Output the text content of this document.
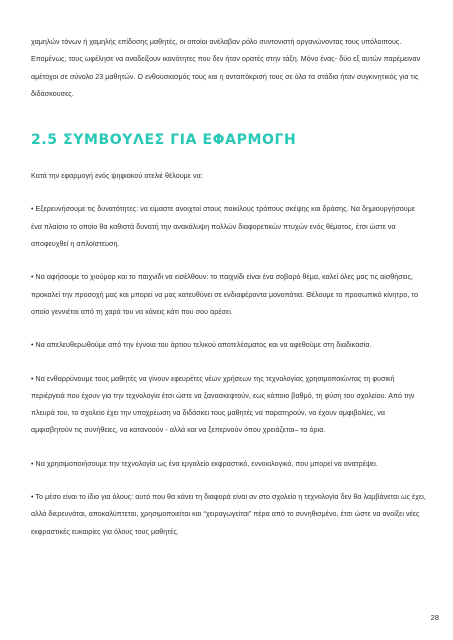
χαμηλών τόνων ή χαμηλής επίδοσης μαθητές, οι οποίοι ανέλαβαν ρόλο συντονιστή οργανώνοντας τους υπόλοιπους. Επομένως, τους ωφέλησε να αναδείξουν ικανότητες που δεν ήταν ορατές στην τάξη. Μόνο ένας- δύο εξ αυτών παρέμειναν αμέτοχοι σε σύνολο 23 μαθητών. Ο ενθουσιασμός τους και η ανταπόκρισή τους σε όλα τα στάδια ήταν συγκινητικός για τις διδάσκουσες.

2.5 ΣΥΜΒΟΥΛΕΣ ΓΙΑ ΕΦΑΡΜΟΓΗ

Κατά την εφαρμογή ενός ψηφιακού ατελιέ θέλουμε να:

• Εξερευνήσουμε τις δυνατότητες: να είμαστε ανοιχτοί στους ποικίλους τρόπους σκέψης και δράσης. Να δημιουργήσουμε ένα πλαίσιο το οποίο θα καθιστά δυνατή την ανακάλυψη πολλών διαφορετικών πτυχών ενός θέματος, έτσι ώστε να αποφευχθεί η απλοϊστευση.

• Να αφήσουμε το χιούμορ και το παιχνίδι να εισέλθουν: το παιχνίδι είναι ένα σοβαρό θέμα, καλεί όλες μας τις αισθήσεις, προκαλεί την προσοχή μας και μπορεί να μας κατευθύνει σε ενδιαφέροντα μονοπάτια. Θέλουμε το προσωπικό κίνητρο, το οποίο γεννιέται από τη χαρά του να κάνεις κάτι που σου αρέσει.

• Να απελευθερωθούμε από την έγνοια του άρτιου τελικού αποτελέσματος και να αφεθούμε στη διαδικασία.

• Να ενθαρρύνουμε τους μαθητές να γίνουν εφευρέτες νέων χρήσεων της τεχνολογίας χρησιμοποιώντας τη φυσική περιέργειά που έχουν για την τεχνολογία έτσι ώστε να ξανασκεφτούν, εως κάποιο βαθμό, τη φύση του σχολείου. Από την πλευρά του, το σχολείο έχει την υποχρέωση να διδάσκει τους μαθητές να παρατηρούν, να έχουν αμφιβολίες, να αμφισβητούν τις συνήθειες, να κατανοούν - αλλά και να ξεπερνούν όπου χρειάζεται– τα όρια.

• Να χρησιμοποιήσουμε την τεχνολογία ως ένα εργαλείο εκφραστικό, εννοιολογικό, που μπορεί να ανατρέψει.

• Το μέσο είναι το ίδιο για όλους: αυτό που θα κάνει τη διαφορά είναι αν στο σχολείο η τεχνολογία δεν θα λαμβάνεται ως έχει, αλλά διερευνάται, αποκαλύπτεται, χρησιμοποιείται και “χειραγωγείται” πέρα από το συνηθισμένο, έτσι ώστε να ανοίξει νέες εκφραστικές ευκαιρίες για όλους τους μαθητές.

28
